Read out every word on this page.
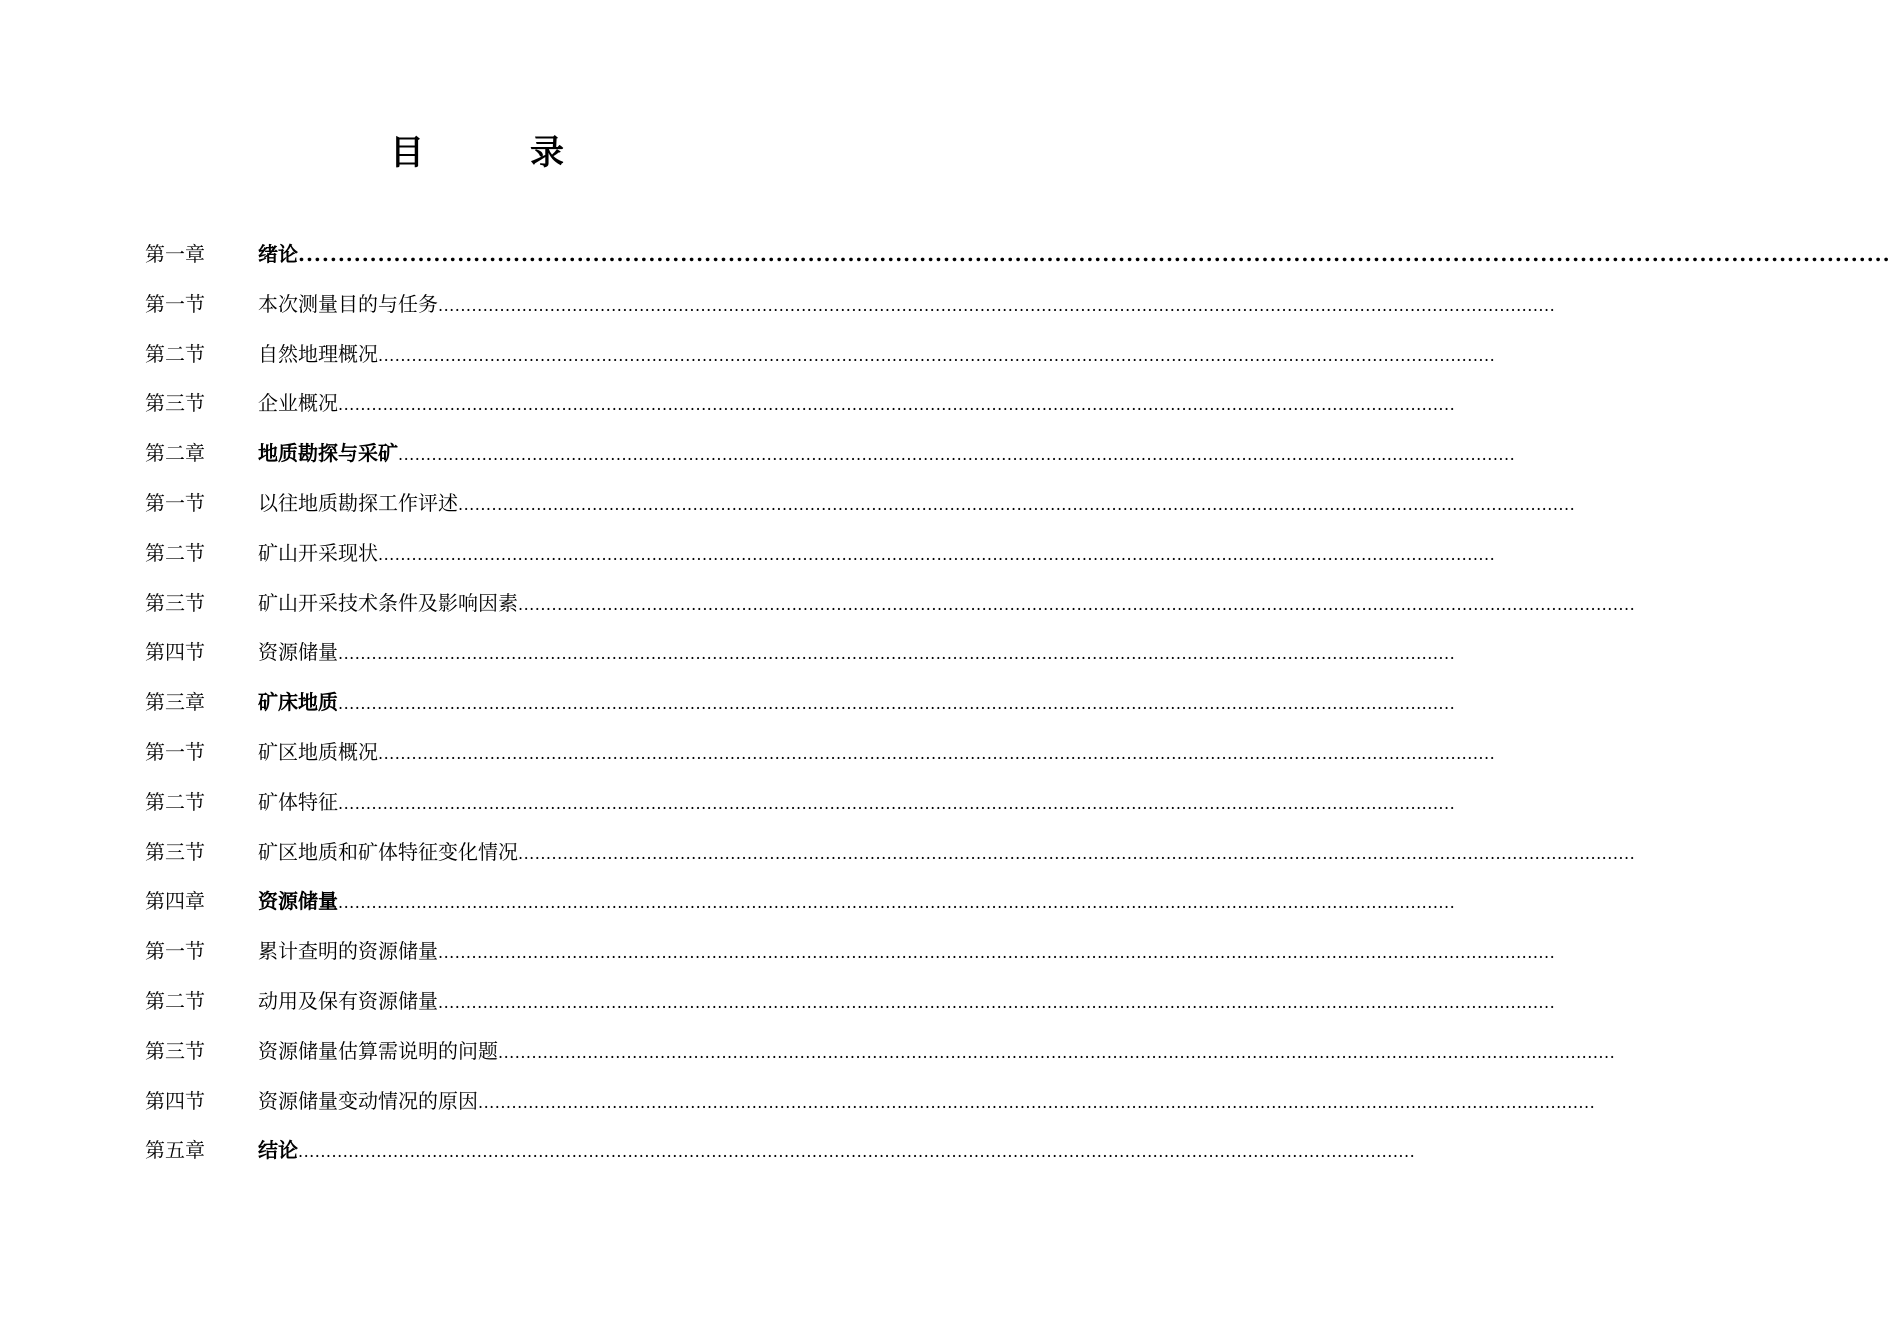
目	录
第一章	绪论 ........................................................................................................................................................................................................
第一节	本次测量目的与任务 ........................................................................................................................................................................................................
第二节	自然地理概况 ........................................................................................................................................................................................................
第三节	企业概况 ........................................................................................................................................................................................................
第二章	地质勘探与采矿 ........................................................................................................................................................................................................
第一节	以往地质勘探工作评述 ........................................................................................................................................................................................................
第二节	矿山开采现状 ........................................................................................................................................................................................................
第三节	矿山开采技术条件及影响因素 ........................................................................................................................................................................................................
第四节	资源储量 ........................................................................................................................................................................................................
第三章	矿床地质 ........................................................................................................................................................................................................
第一节	矿区地质概况 ........................................................................................................................................................................................................
第二节	矿体特征 ........................................................................................................................................................................................................
第三节	矿区地质和矿体特征变化情况 ........................................................................................................................................................................................................
第四章	资源储量 ........................................................................................................................................................................................................
第一节	累计查明的资源储量 ........................................................................................................................................................................................................
第二节	动用及保有资源储量 ........................................................................................................................................................................................................
第三节	资源储量估算需说明的问题 ........................................................................................................................................................................................................
第四节	资源储量变动情况的原因 ........................................................................................................................................................................................................
第五章	结论 ........................................................................................................................................................................................................
